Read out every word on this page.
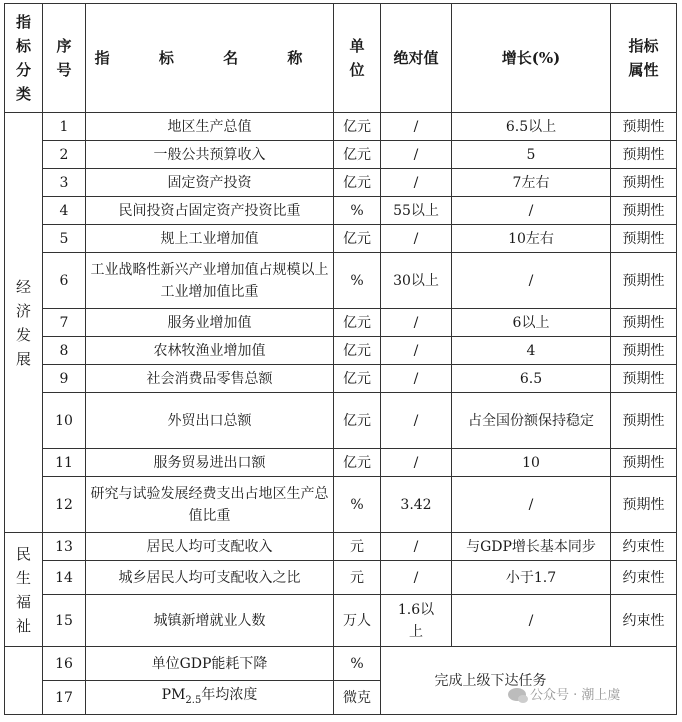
指标分类	序号	指 标 名 称	单位	绝对值	增长(%)	指标属性
经济发展	1	地区生产总值	亿元	/	6.5以上	预期性
	2	一般公共预算收入	亿元	/	5	预期性
	3	固定资产投资	亿元	/	7左右	预期性
	4	民间投资占固定资产投资比重	%	55以上	/	预期性
	5	规上工业增加值	亿元	/	10左右	预期性
	6	工业战略性新兴产业增加值占规模以上工业增加值比重	%	30以上	/	预期性
	7	服务业增加值	亿元	/	6以上	预期性
	8	农林牧渔业增加值	亿元	/	4	预期性
	9	社会消费品零售总额	亿元	/	6.5	预期性
	10	外贸出口总额	亿元	/	占全国份额保持稳定	预期性
	11	服务贸易进出口额	亿元	/	10	预期性
	12	研究与试验发展经费支出占地区生产总值比重	%	3.42	/	预期性
民生福祉	13	居民人均可支配收入	元	/	与GDP增长基本同步	约束性
	14	城乡居民人均可支配收入之比	元	/	小于1.7	约束性
	15	城镇新增就业人数	万人	1.6以上	/	约束性
	16	单位GDP能耗下降	%	完成上级下达任务		
	17	$PM_{2.5}$年均浓度	微克				公众号 · 潮上虞
